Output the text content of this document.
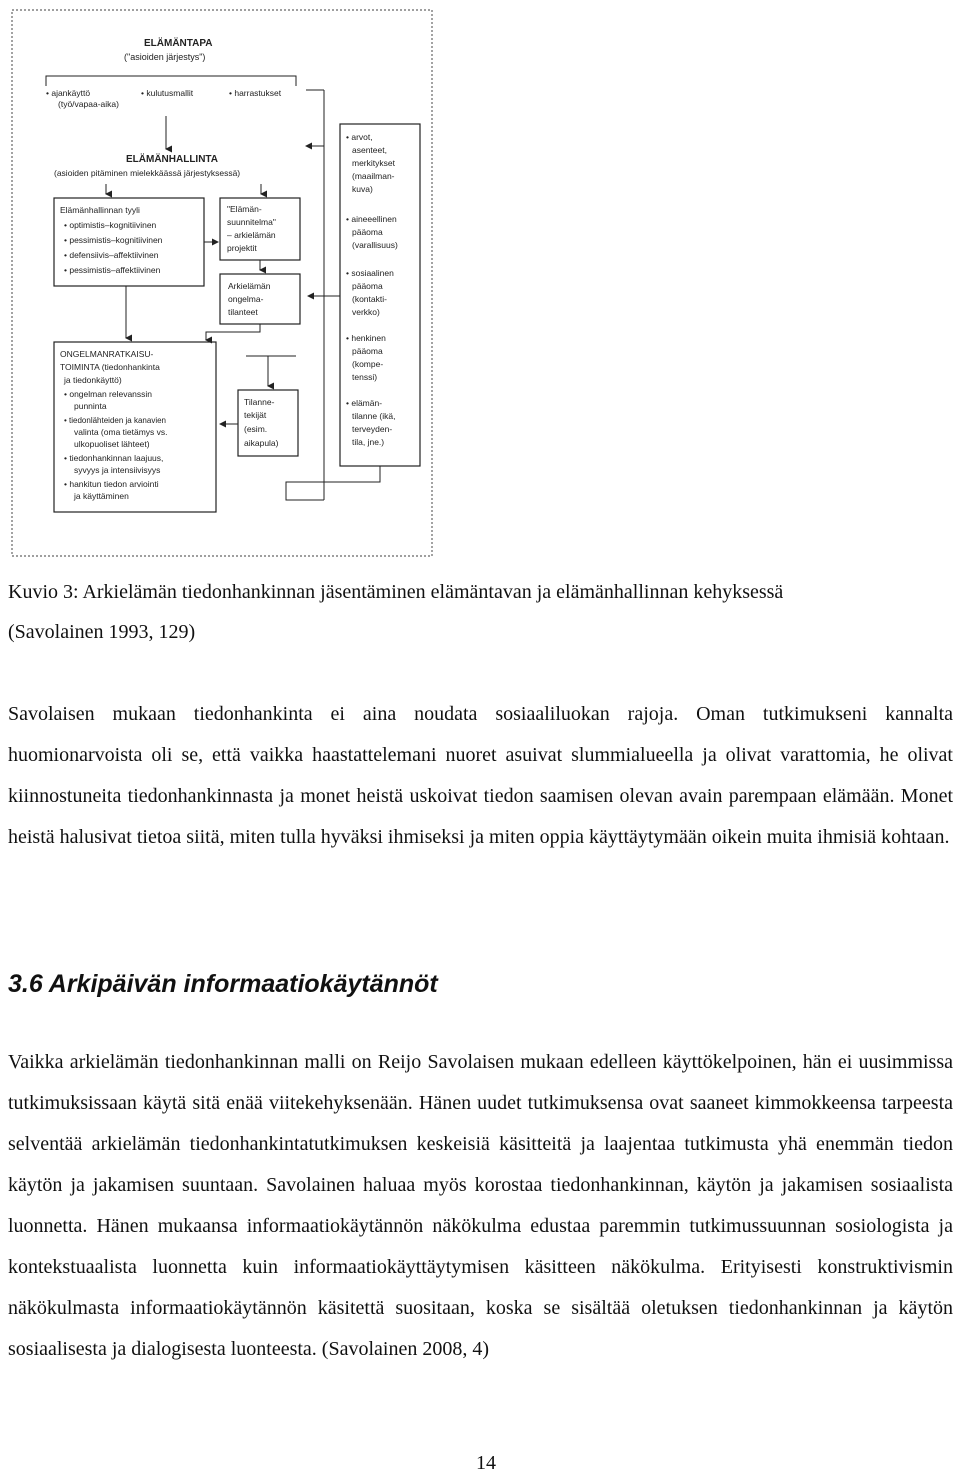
ELÄMÄNTAPA
("asioiden järjestys")
• ajankäyttö
(työ/vapaa-aika)
• kulutusmallit	• harrastukset
ELÄMÄNHALLINTA
(asioiden pitäminen mielekkäässä järjestyksessä)
Elämänhallinnan tyyli
• optimistis–kognitiivinen
• pessimistis–kognitiivinen
• defensiivis–affektiivinen
• pessimistis–affektiivinen
"Elämän-
suunnitelma"
– arkielämän
projektit
Arkielämän
ongelma-
tilanteet
ONGELMANRATKAISU-
TOIMINTA (tiedonhankinta
ja tiedonkäyttö)
• ongelman relevanssin
punninta
• tiedonlähteiden ja kanavien
valinta (oma tietämys vs.
ulkopuoliset lähteet)
• tiedonhankinnan laajuus,
syvyys ja intensiivisyys
• hankitun tiedon arviointi
ja käyttäminen
Tilanne-
tekijät
(esim.
aikapula)
• arvot,
asenteet,
merkitykset
(maailman-
kuva)
• aineeellinen
pääoma
(varallisuus)
• sosiaalinen
pääoma
(kontakti-
verkko)
• henkinen
pääoma
(kompe-
tenssi)
• elämän-
tilanne (ikä,
terveyden-
tila, jne.)

Kuvio 3: Arkielämän tiedonhankinnan jäsentäminen elämäntavan ja elämänhallinnan kehyksessä
(Savolainen 1993, 129)

Savolaisen mukaan tiedonhankinta ei aina noudata sosiaaliluokan rajoja. Oman tutkimukseni kannalta huomionarvoista oli se, että vaikka haastattelemani nuoret asuivat slummialueella ja olivat varattomia, he olivat kiinnostuneita tiedonhankinnasta ja monet heistä uskoivat tiedon saamisen olevan avain parempaan elämään. Monet heistä halusivat tietoa siitä, miten tulla hyväksi ihmiseksi ja miten oppia käyttäytymään oikein muita ihmisiä kohtaan.

3.6 Arkipäivän informaatiokäytännöt

Vaikka arkielämän tiedonhankinnan malli on Reijo Savolaisen mukaan edelleen käyttökelpoinen, hän ei uusimmissa tutkimuksissaan käytä sitä enää viitekehyksenään. Hänen uudet tutkimuksensa ovat saaneet kimmokkeensa tarpeesta selventää arkielämän tiedonhankintatutkimuksen keskeisiä käsitteitä ja laajentaa tutkimusta yhä enemmän tiedon käytön ja jakamisen suuntaan. Savolainen haluaa myös korostaa tiedonhankinnan, käytön ja jakamisen sosiaalista luonnetta. Hänen mukaansa informaatiokäytännön näkökulma edustaa paremmin tutkimussuunnan sosiologista ja kontekstuaalista luonnetta kuin informaatiokäyttäytymisen käsitteen näkökulma. Erityisesti konstruktivismin näkökulmasta informaatiokäytännön käsitettä suositaan, koska se sisältää oletuksen tiedonhankinnan ja käytön sosiaalisesta ja dialogisesta luonteesta. (Savolainen 2008, 4)

14
